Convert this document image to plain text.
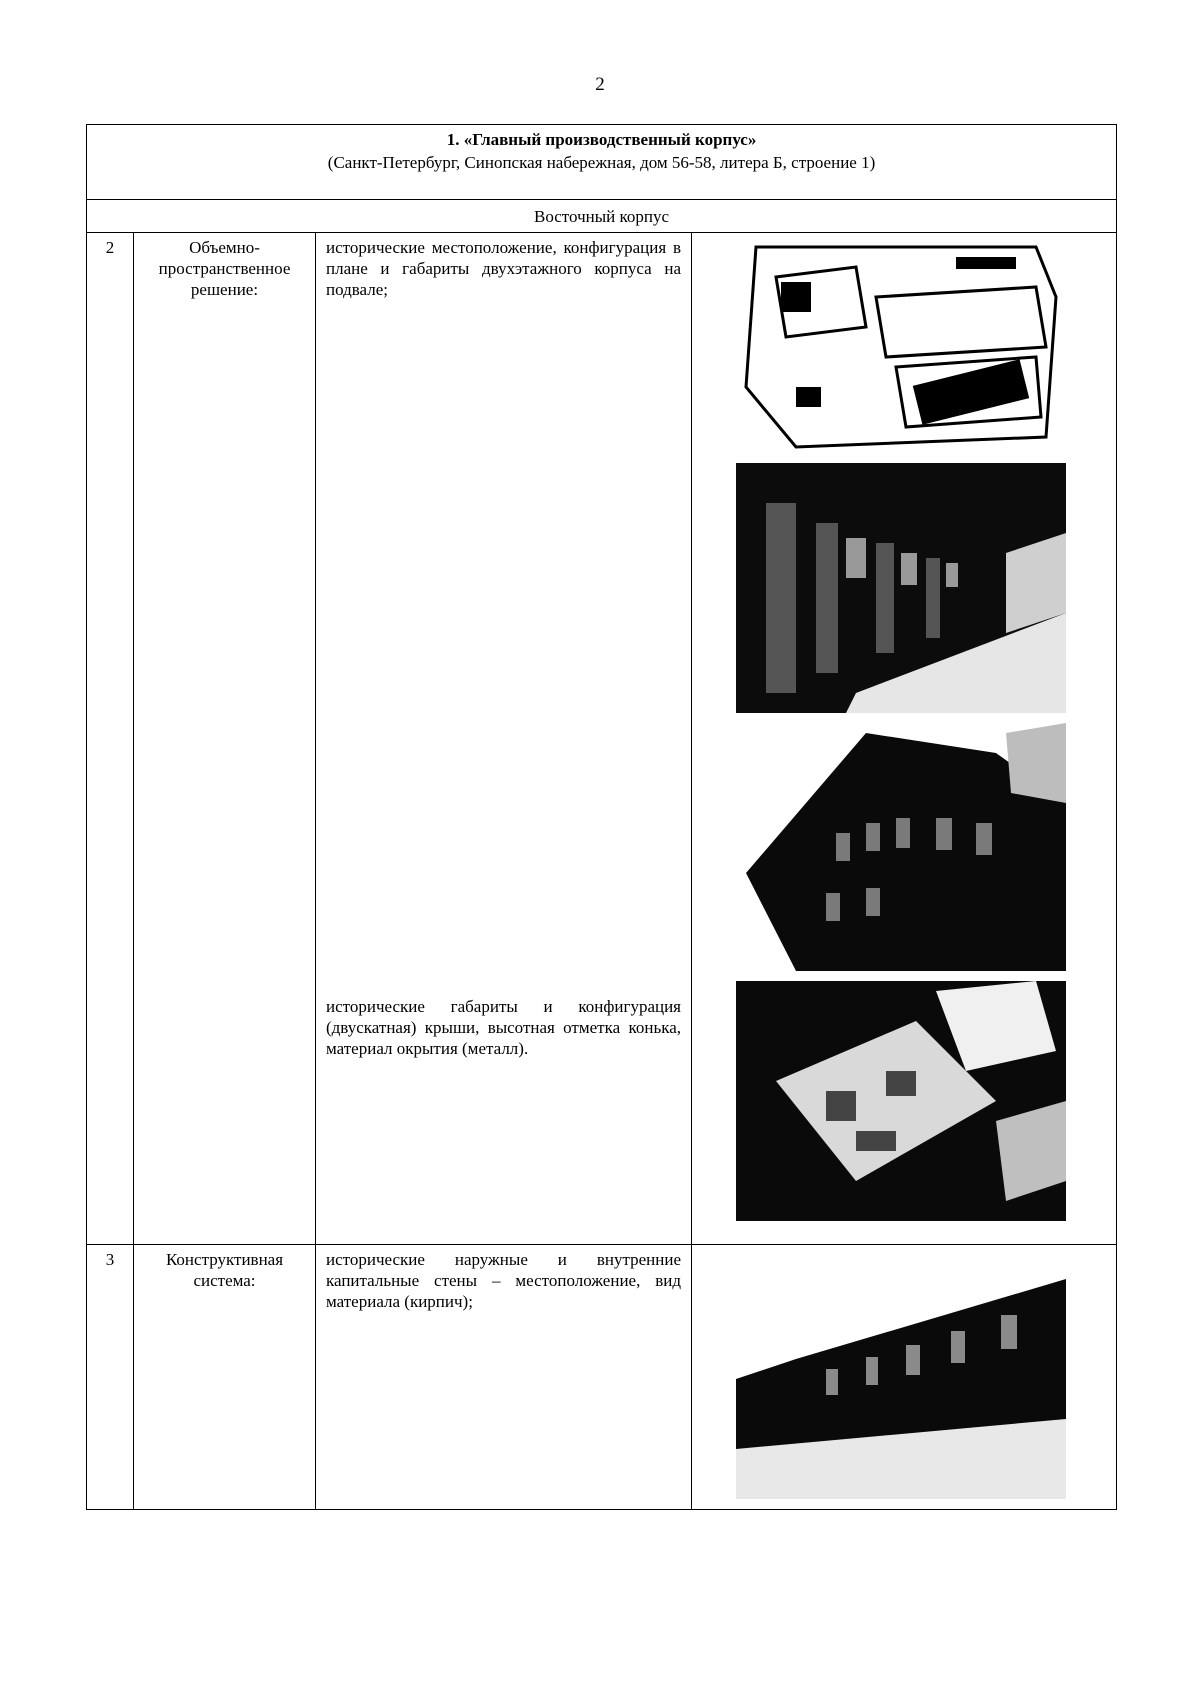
2
1. «Главный производственный корпус»
(Санкт-Петербург, Синопская набережная, дом 56-58, литера Б, строение 1)			

Восточный корпус			
2	Объемно-пространственное решение:	исторические местоположение, конфигурация в плане и габариты двухэтажного корпуса на подвале;

исторические габариты и конфигурация (двускатная) крыши, высотная отметка конька, материал окрытия (металл).

3	Конструктивная система:	исторические наружные и внутренние капитальные стены – местоположение, вид материала (кирпич);
